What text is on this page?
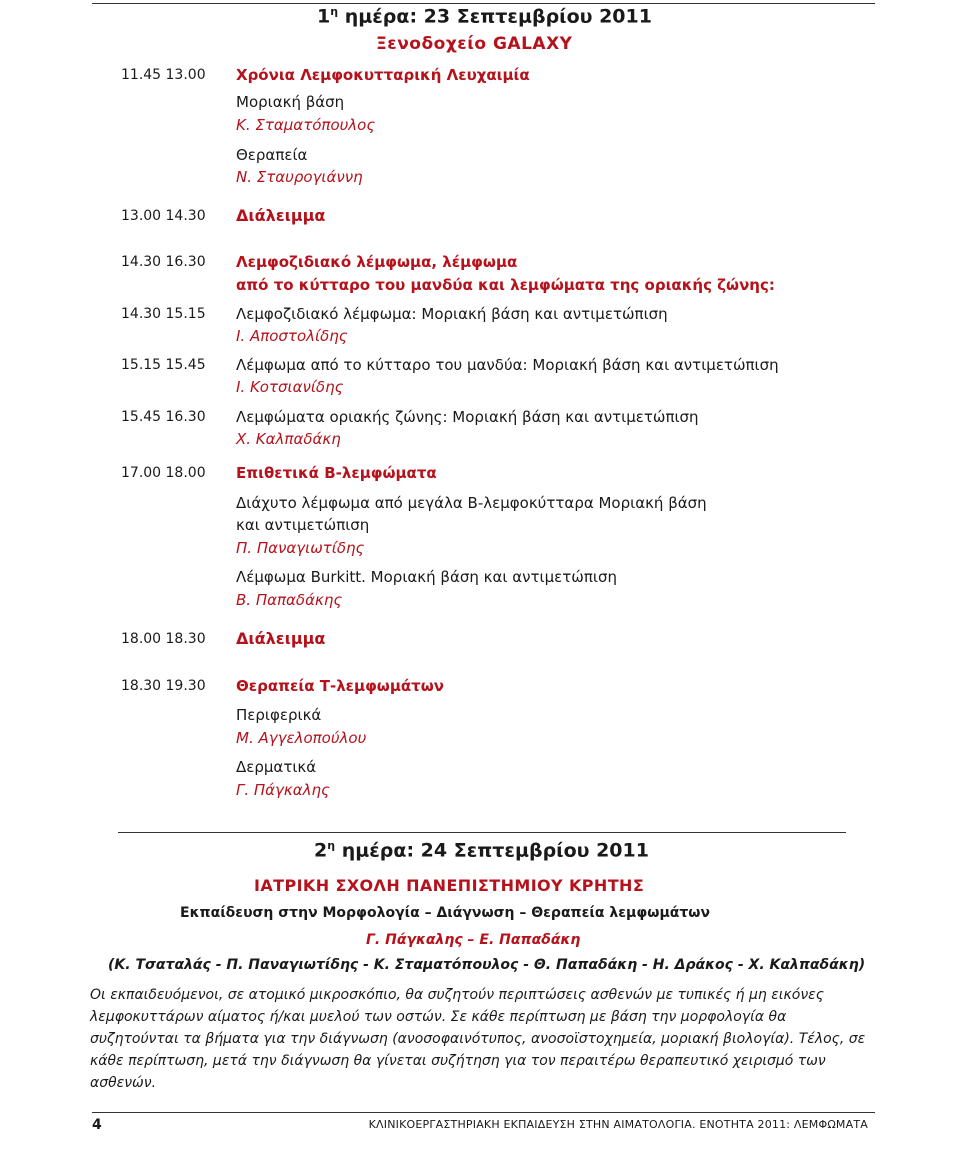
$1^\eta$ ημέρα: 23 Σεπτεμβρίου 2011
Ξενοδοχείο GALAXY
11.45 13.00 Χρόνια Λεμφοκυτταρική Λευχαιμία
Μοριακή βάση
Κ. Σταματόπουλος
Θεραπεία
Ν. Σταυρογιάννη
13.00 14.30 Διάλειμμα
14.30 16.30 Λεμφοζιδιακό λέμφωμα, λέμφωμα
από το κύτταρο του μανδύα και λεμφώματα της οριακής ζώνης:
14.30 15.15 Λεμφοζιδιακό λέμφωμα: Μοριακή βάση και αντιμετώπιση
Ι. Αποστολίδης
15.15 15.45 Λέμφωμα από το κύτταρο του μανδύα: Μοριακή βάση και αντιμετώπιση
Ι. Κοτσιανίδης
15.45 16.30 Λεμφώματα οριακής ζώνης: Μοριακή βάση και αντιμετώπιση
Χ. Καλπαδάκη
17.00 18.00 Επιθετικά Β-λεμφώματα
Διάχυτο λέμφωμα από μεγάλα Β-λεμφοκύτταρα Μοριακή βάση
και αντιμετώπιση
Π. Παναγιωτίδης
Λέμφωμα Burkitt. Μοριακή βάση και αντιμετώπιση
Β. Παπαδάκης
18.00 18.30 Διάλειμμα
18.30 19.30 Θεραπεία Τ-λεμφωμάτων
Περιφερικά
Μ. Αγγελοπούλου
Δερματικά
Γ. Πάγκαλης
$2^\eta$ ημέρα: 24 Σεπτεμβρίου 2011
ΙΑΤΡΙΚΗ ΣΧΟΛΗ ΠΑΝΕΠΙΣΤΗΜΙΟΥ ΚΡΗΤΗΣ
Εκπαίδευση στην Μορφολογία – Διάγνωση – Θεραπεία λεμφωμάτων
Γ. Πάγκαλης – Ε. Παπαδάκη
(Κ. Τσαταλάς - Π. Παναγιωτίδης - Κ. Σταματόπουλος - Θ. Παπαδάκη - Η. Δράκος - Χ. Καλπαδάκη)
Οι εκπαιδευόμενοι, σε ατομικό μικροσκόπιο, θα συζητούν περιπτώσεις ασθενών με τυπικές ή μη εικόνες λεμφοκυττάρων αίματος ή/και μυελού των οστών. Σε κάθε περίπτωση με βάση την μορφολογία θα συζητούνται τα βήματα για την διάγνωση (ανοσοφαινότυπος, ανοσοϊστοχημεία, μοριακή βιολογία). Τέλος, σε κάθε περίπτωση, μετά την διάγνωση θα γίνεται συζήτηση για τον περαιτέρω θεραπευτικό χειρισμό των ασθενών.
4	ΚΛΙΝΙΚΟΕΡΓΑΣΤΗΡΙΑΚΗ ΕΚΠΑΙΔΕΥΣΗ ΣΤΗΝ ΑΙΜΑΤΟΛΟΓΙΑ. ΕΝΟΤΗΤΑ 2011: ΛΕΜΦΩΜΑΤΑ
